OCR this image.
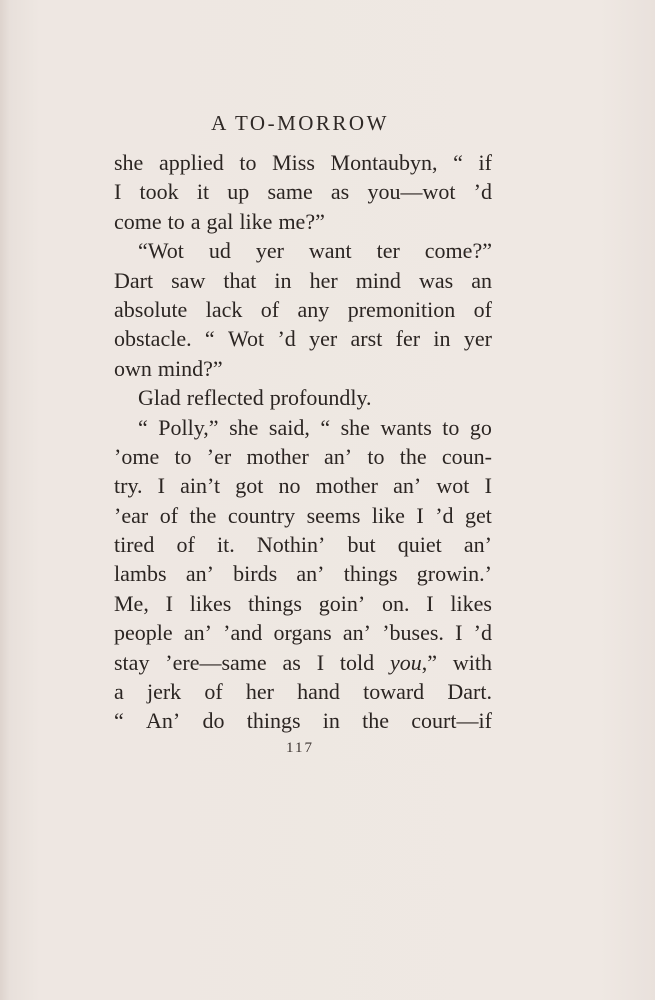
A TO-MORROW
she applied to Miss Montaubyn, “ if
I took it up same as you—wot ’d
come to a gal like me?”
“Wot ud yer want ter come?”
Dart saw that in her mind was an
absolute lack of any premonition of
obstacle. “ Wot ’d yer arst fer in yer
own mind?”
Glad reflected profoundly.
“ Polly,” she said, “ she wants to go
’ome to ’er mother an’ to the coun-
try. I ain’t got no mother an’ wot I
’ear of the country seems like I ’d get
tired of it. Nothin’ but quiet an’
lambs an’ birds an’ things growin.’
Me, I likes things goin’ on. I likes
people an’ ’and organs an’ ’buses. I ’d
stay ’ere—same as I told you,” with
a jerk of her hand toward Dart.
“ An’ do things in the court—if
117
